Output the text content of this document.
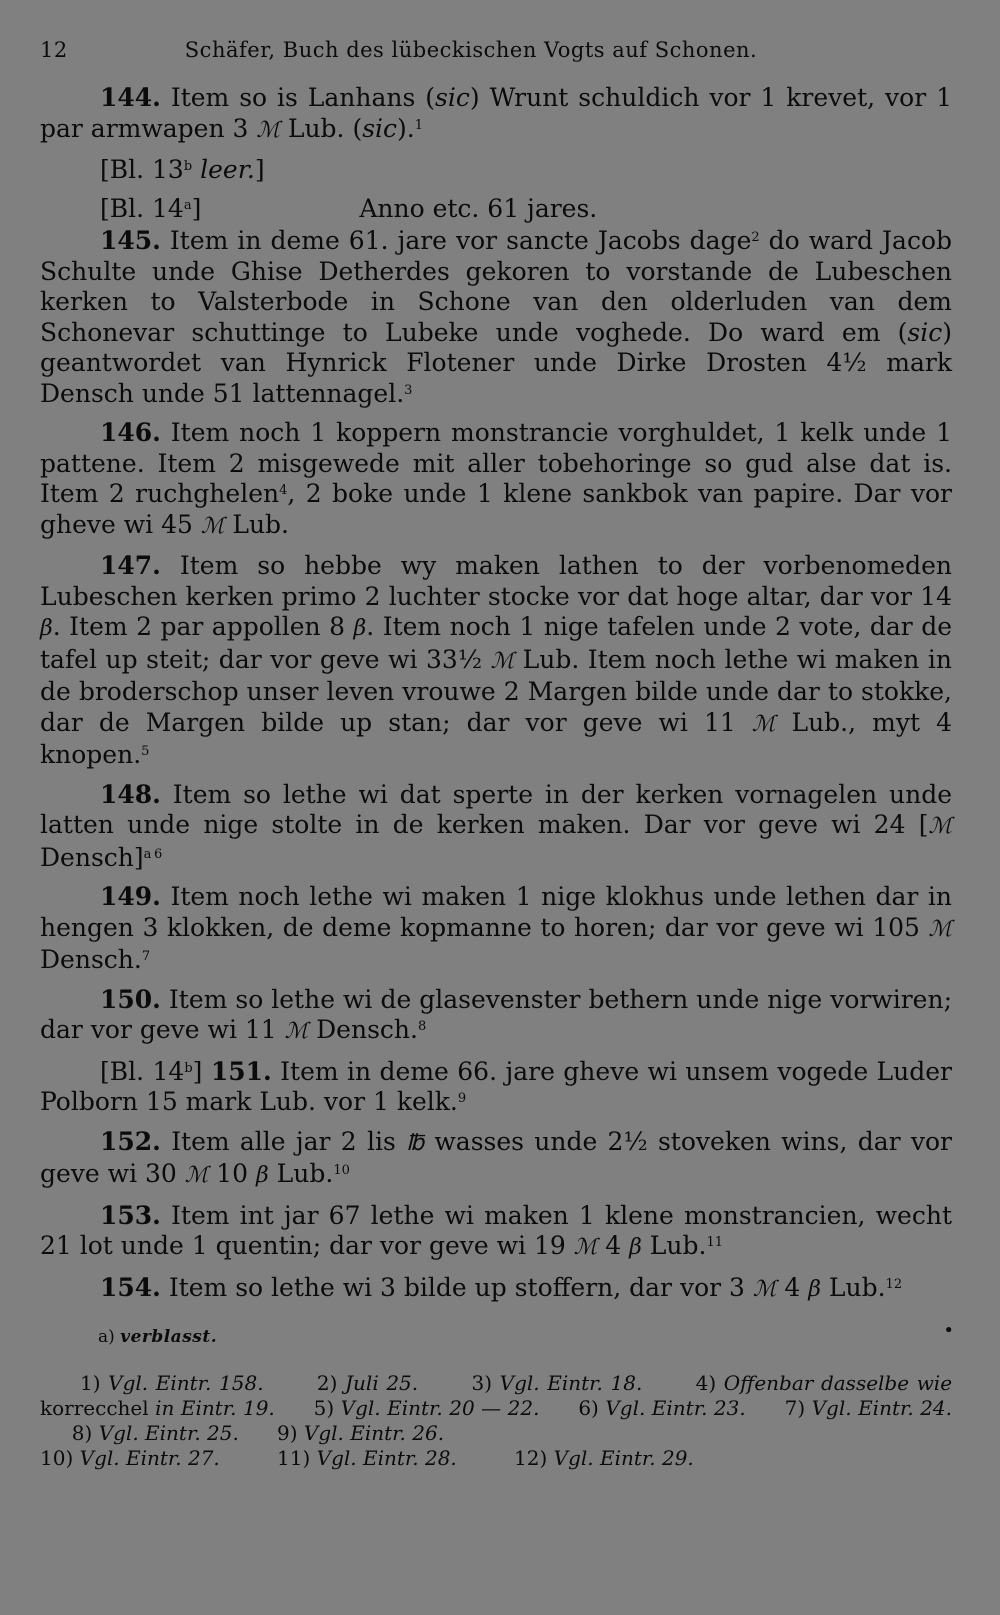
12	Schäfer, Buch des lübeckischen Vogts auf Schonen.
144. Item so is Lanhans (sic) Wrunt schuldich vor 1 krevet, vor 1 par armwapen 3 ℳ Lub. (sic).$^1$
[Bl. 13$^b$ leer.]
[Bl. 14$^a$]	Anno etc. 61 jares.
145. Item in deme 61. jare vor sancte Jacobs dage$^2$ do ward Jacob Schulte unde Ghise Detherdes gekoren to vorstande de Lubeschen kerken to Valsterbode in Schone van den olderluden van dem Schonevar schuttinge to Lubeke unde voghede. Do ward em (sic) geantwordet van Hynrick Flotener unde Dirke Drosten 4½ mark Densch unde 51 lattennagel.$^3$
146. Item noch 1 koppern monstrancie vorghuldet, 1 kelk unde 1 pattene. Item 2 misgewede mit aller tobehoringe so gud alse dat is. Item 2 ruchghelen$^4$, 2 boke unde 1 klene sankbok van papire. Dar vor gheve wi 45 ℳ Lub.
147. Item so hebbe wy maken lathen to der vorbenomeden Lubeschen kerken primo 2 luchter stocke vor dat hoge altar, dar vor 14 β. Item 2 par appollen 8 β. Item noch 1 nige tafelen unde 2 vote, dar de tafel up steit; dar vor geve wi 33½ ℳ Lub. Item noch lethe wi maken in de broderschop unser leven vrouwe 2 Margen bilde unde dar to stokke, dar de Margen bilde up stan; dar vor geve wi 11 ℳ Lub., myt 4 knopen.$^5$
148. Item so lethe wi dat sperte in der kerken vornagelen unde latten unde nige stolte in de kerken maken. Dar vor geve wi 24 [ℳ Densch]$^a$  $^6$
149. Item noch lethe wi maken 1 nige klokhus unde lethen dar in hengen 3 klokken, de deme kopmanne to horen; dar vor geve wi 105 ℳ Densch.$^7$
150. Item so lethe wi de glasevenster bethern unde nige vorwiren; dar vor geve wi 11 ℳ Densch.$^8$
[Bl. 14$^b$] 151. Item in deme 66. jare gheve wi unsem vogede Luder Polborn 15 mark Lub. vor 1 kelk.$^9$
152. Item alle jar 2 lis ℔ wasses unde 2½ stoveken wins, dar vor geve wi 30 ℳ 10 β Lub.$^{10}$
153. Item int jar 67 lethe wi maken 1 klene monstrancien, wecht 21 lot unde 1 quentin; dar vor geve wi 19 ℳ 4 β Lub.$^{11}$
154. Item so lethe wi 3 bilde up stoffern, dar vor 3 ℳ 4 β Lub.$^{12}$
a) verblasst.
1) Vgl. Eintr. 158.	2) Juli 25.	3) Vgl. Eintr. 18.	4) Offenbar dasselbe wie korrecchel in Eintr. 19. 5) Vgl. Eintr. 20 — 22. 6) Vgl. Eintr. 23. 7) Vgl. Eintr. 24.      8) Vgl. Eintr. 25. 9) Vgl. Eintr. 26.
10) Vgl. Eintr. 27.	11) Vgl. Eintr. 28.	12) Vgl. Eintr. 29.
•
